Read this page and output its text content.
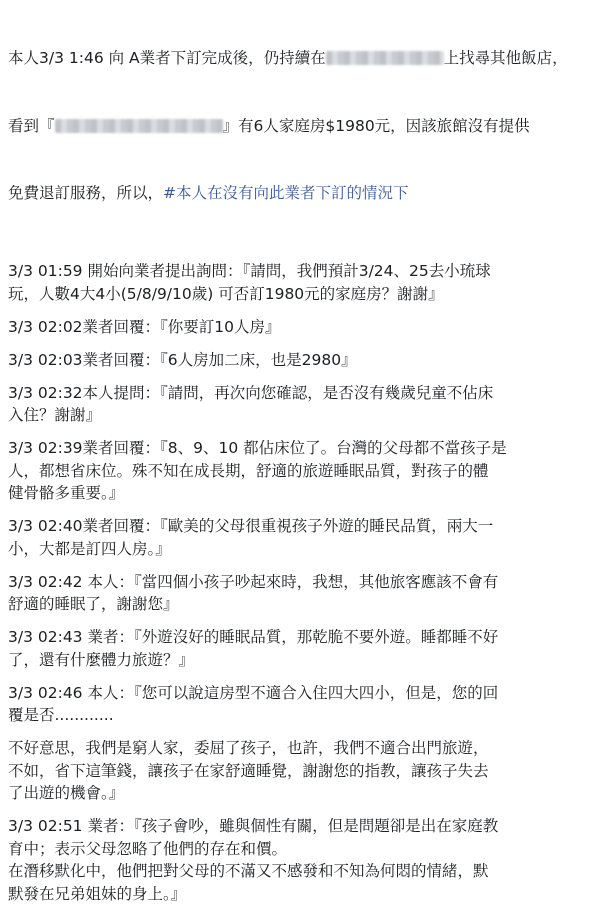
本人3/3 1:46 向 A業者下訂完成後，仍持續在	上找尋其他飯店，

看到『	』有6人家庭房$1980元，因該旅館沒有提供

免費退訂服務，所以，#本人在沒有向此業者下訂的情況下

3/3 01:59 開始向業者提出詢問：『請問，我們預計3/24、25去小琉球
玩，人數4大4小(5/8/9/10歲) 可否訂1980元的家庭房？謝謝』
3/3 02:02業者回覆：『你要訂10人房』
3/3 02:03業者回覆：『6人房加二床，也是2980』
3/3 02:32本人提問：『請問，再次向您確認，是否沒有幾歲兒童不佔床
入住？謝謝』
3/3 02:39業者回覆：『8、9、10 都佔床位了。台灣的父母都不當孩子是
人，都想省床位。殊不知在成長期，舒適的旅遊睡眠品質，對孩子的體
健骨骼多重要。』
3/3 02:40業者回覆：『歐美的父母很重視孩子外遊的睡民品質，兩大一
小，大都是訂四人房。』
3/3 02:42 本人：『當四個小孩子吵起來時，我想，其他旅客應該不會有
舒適的睡眠了，謝謝您』
3/3 02:43 業者：『外遊沒好的睡眠品質，那乾脆不要外遊。睡都睡不好
了，還有什麼體力旅遊？』
3/3 02:46 本人：『您可以說這房型不適合入住四大四小，但是，您的回
覆是否............
不好意思，我們是窮人家，委屈了孩子，也許，我們不適合出門旅遊，
不如，省下這筆錢，讓孩子在家舒適睡覺，謝謝您的指教，讓孩子失去
了出遊的機會。』
3/3 02:51 業者：『孩子會吵，雖與個性有關，但是問題卻是出在家庭教
育中；表示父母忽略了他們的存在和價。
在潛移默化中，他們把對父母的不滿又不感發和不知為何悶的情緒，默
默發在兄弟姐妹的身上。』
